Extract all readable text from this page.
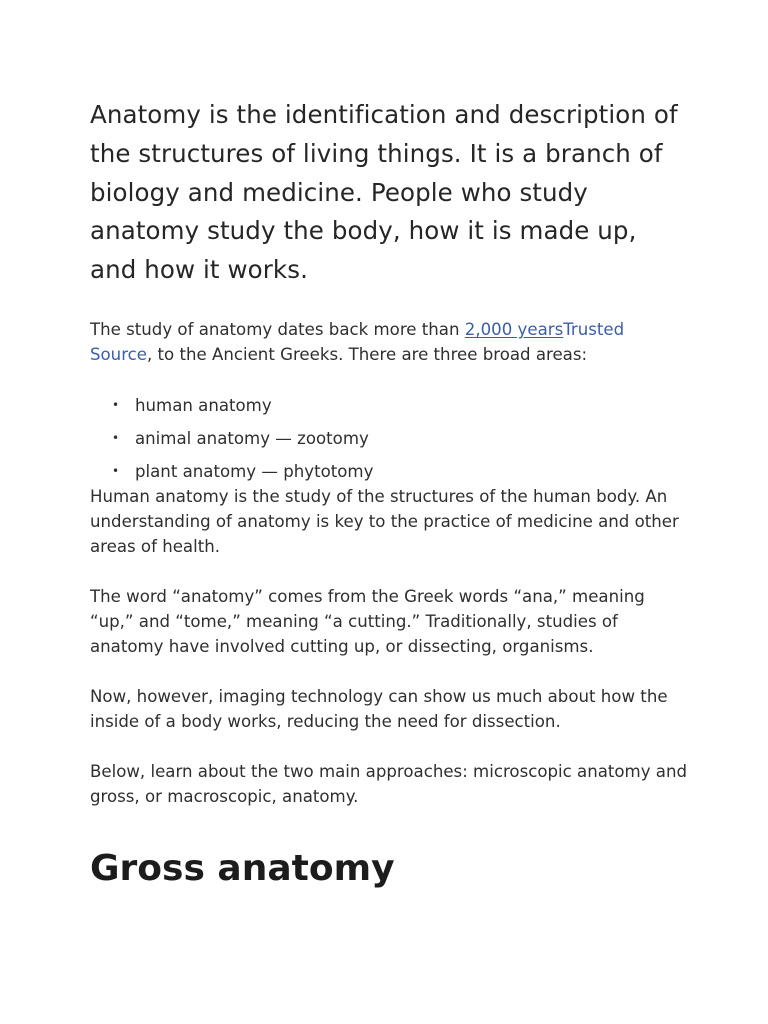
Anatomy is the identification and description of the structures of living things. It is a branch of biology and medicine. People who study anatomy study the body, how it is made up, and how it works.

The study of anatomy dates back more than 2,000 yearsTrusted Source, to the Ancient Greeks. There are three broad areas:

• human anatomy
• animal anatomy — zootomy
• plant anatomy — phytotomy

Human anatomy is the study of the structures of the human body. An understanding of anatomy is key to the practice of medicine and other areas of health.

The word “anatomy” comes from the Greek words “ana,” meaning “up,” and “tome,” meaning “a cutting.” Traditionally, studies of anatomy have involved cutting up, or dissecting, organisms.

Now, however, imaging technology can show us much about how the inside of a body works, reducing the need for dissection.

Below, learn about the two main approaches: microscopic anatomy and gross, or macroscopic, anatomy.

Gross anatomy
